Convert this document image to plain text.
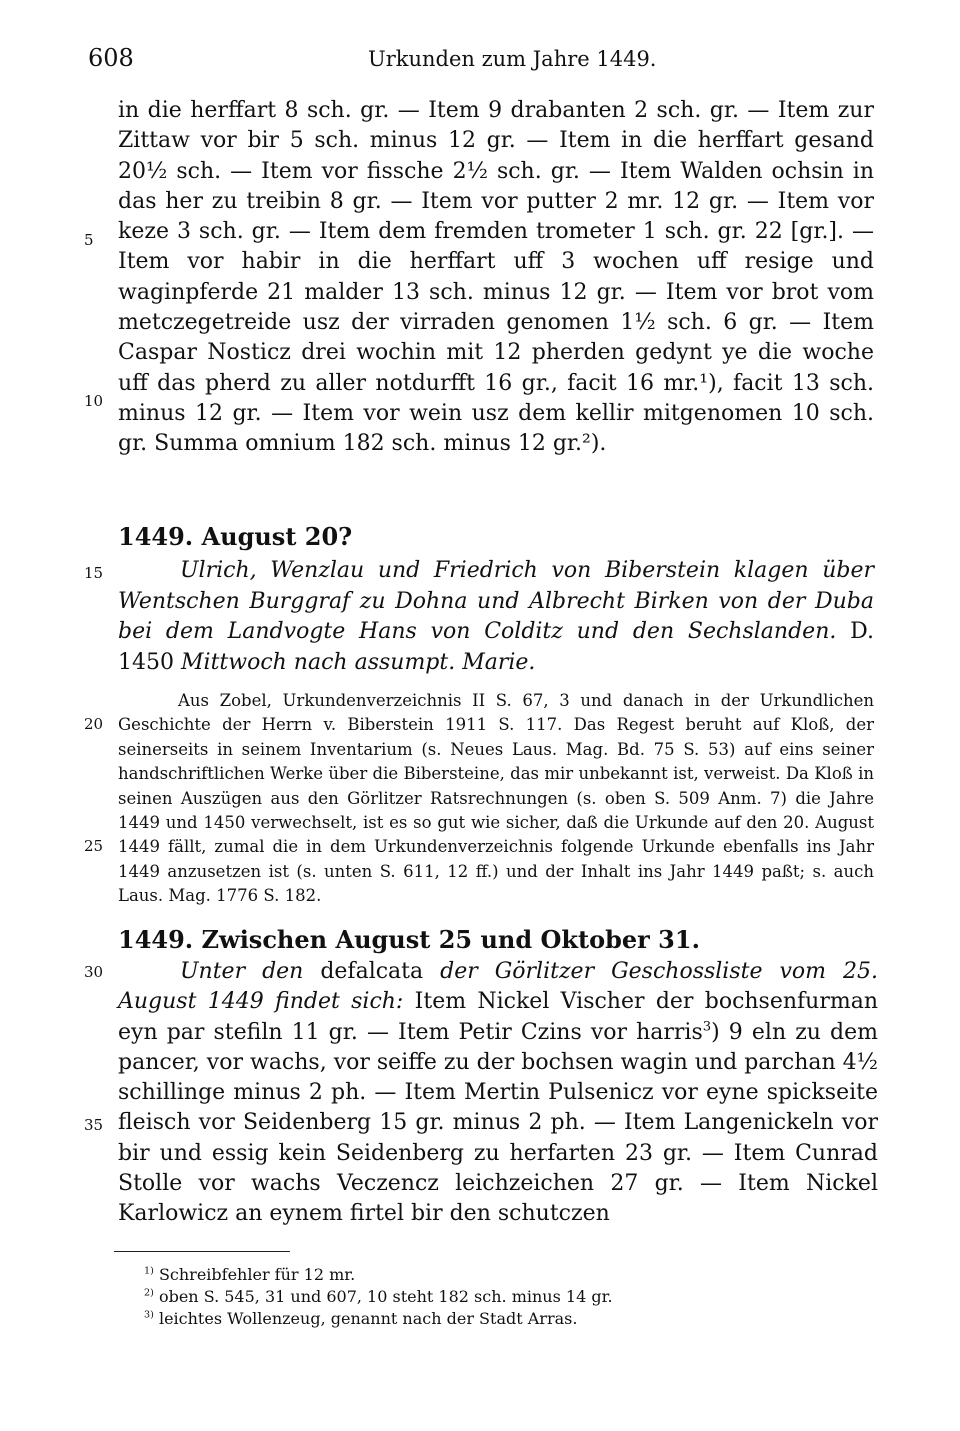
608	Urkunden zum Jahre 1449.
5
10
15
20
25
30
35

in die herffart 8 sch. gr. — Item 9 drabanten 2 sch. gr. — Item zur Zittaw vor bir 5 sch. minus 12 gr. — Item in die herffart gesand 20½ sch. — Item vor fissche 2½ sch. gr. — Item Walden ochsin in das her zu treibin 8 gr. — Item vor putter 2 mr. 12 gr. — Item vor keze 3 sch. gr. — Item dem fremden trometer 1 sch. gr. 22 [gr.]. — Item vor habir in die herffart uff 3 wochen uff resige und waginpferde 21 malder 13 sch. minus 12 gr. — Item vor brot vom metczegetreide usz der virraden genomen 1½ sch. 6 gr. — Item Caspar Nosticz drei wochin mit 12 pherden gedynt ye die woche uff das pherd zu aller notdurfft 16 gr., facit 16 mr.¹), facit 13 sch. minus 12 gr. — Item vor wein usz dem kellir mitgenomen 10 sch. gr. Summa omnium 182 sch. minus 12 gr.²).

1449. August 20?

Ulrich, Wenzlau und Friedrich von Biberstein klagen über Wentschen Burggraf zu Dohna und Albrecht Birken von der Duba bei dem Landvogte Hans von Colditz und den Sechslanden. D. 1450 Mittwoch nach assumpt. Marie.

Aus Zobel, Urkundenverzeichnis II S. 67, 3 und danach in der Urkundlichen Geschichte der Herrn v. Biberstein 1911 S. 117. Das Regest beruht auf Kloß, der seinerseits in seinem Inventarium (s. Neues Laus. Mag. Bd. 75 S. 53) auf eins seiner handschriftlichen Werke über die Bibersteine, das mir unbekannt ist, verweist. Da Kloß in seinen Auszügen aus den Görlitzer Ratsrechnungen (s. oben S. 509 Anm. 7) die Jahre 1449 und 1450 verwechselt, ist es so gut wie sicher, daß die Urkunde auf den 20. August 1449 fällt, zumal die in dem Urkundenverzeichnis folgende Urkunde ebenfalls ins Jahr 1449 anzusetzen ist (s. unten S. 611, 12 ff.) und der Inhalt ins Jahr 1449 paßt; s. auch Laus. Mag. 1776 S. 182.

1449. Zwischen August 25 und Oktober 31.

Unter den defalcata der Görlitzer Geschossliste vom 25. August 1449 findet sich: Item Nickel Vischer der bochsenfurman eyn par stefiln 11 gr. — Item Petir Czins vor harris$^3$) 9 eln zu dem pancer, vor wachs, vor seiffe zu der bochsen wagin und parchan 4½ schillinge minus 2 ph. — Item Mertin Pulsenicz vor eyne spickseite fleisch vor Seidenberg 15 gr. minus 2 ph. — Item Langenickeln vor bir und essig kein Seidenberg zu herfarten 23 gr. — Item Cunrad Stolle vor wachs Veczencz leichzeichen 27 gr. — Item Nickel Karlowicz an eynem firtel bir den schutczen

$^{1)}$ Schreibfehler für 12 mr.
$^{2)}$ oben S. 545, 31 und 607, 10 steht 182 sch. minus 14 gr.
$^{3)}$ leichtes Wollenzeug, genannt nach der Stadt Arras.
